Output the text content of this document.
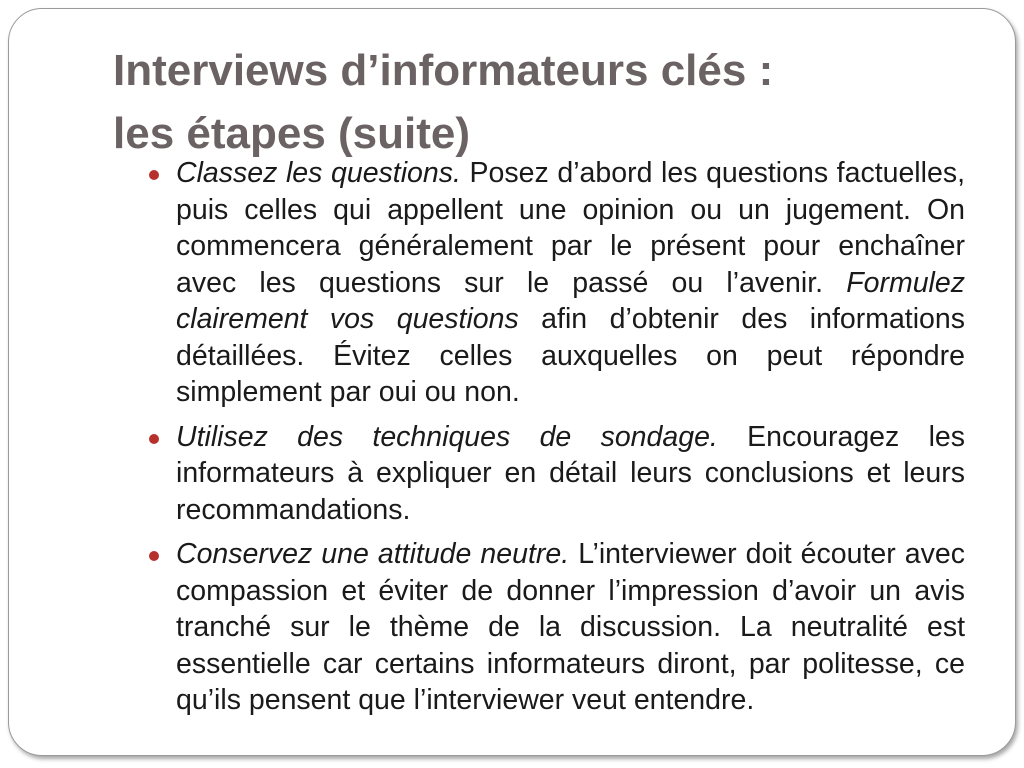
Interviews d’informateurs clés :
les étapes (suite)
Classez les questions. Posez d’abord les questions factuelles, puis celles qui appellent une opinion ou un jugement. On commencera généralement par le présent pour enchaîner avec les questions sur le passé ou l’avenir. Formulez clairement vos questions afin d’obtenir des informations détaillées. Évitez celles auxquelles on peut répondre simplement par oui ou non.
Utilisez des techniques de sondage. Encouragez les informateurs à expliquer en détail leurs conclusions et leurs recommandations.
Conservez une attitude neutre. L’interviewer doit écouter avec compassion et éviter de donner l’impression d’avoir un avis tranché sur le thème de la discussion. La neutralité est essentielle car certains informateurs diront, par politesse, ce qu’ils pensent que l’interviewer veut entendre.
